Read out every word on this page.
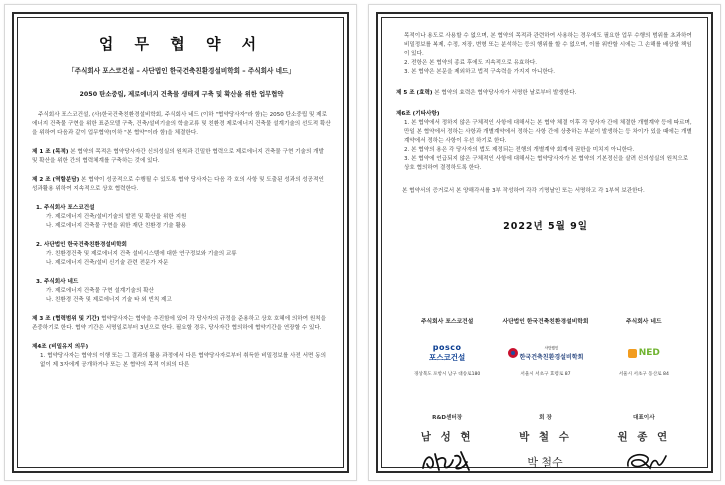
업 무 협 약 서
「주식회사 포스코건설 – 사단법인 한국건축친환경설비학회 – 주식회사 네드」
2050 탄소중립, 제로에너지 건축물 생태계 구축 및 확산을 위한 업무협약
주식회사 포스코건설, (사)한국건축친환경설비학회, 주식회사 네드 (이하 "협약당사자"라 함)는 2050 탄소중립 및 제로에너지 건축물 구현을 위한 표준모델 구축, 건축/설비기술의 학술교류 및 친환경 제로에너지 건축물 설계기술의 선도적 확산을 위하여 다음과 같이 업무협약(이하 "본 협약"이라 함)을 체결한다.
제 1 조 (목적) 본 협약의 목적은 협약당사자간 신의성실의 원칙과 긴밀한 협력으로 제로에너지 건축물 구현 기술의 개발 및 확산을 위한 간의 협력체계를 구축하는 것에 있다.
제 2 조 (역할분담) 본 협약이 성공적으로 수행될 수 있도록 협약 당사자는 다음 각 호의 사항 및 도출된 성과의 성공적인 성과활용 위하여 지속적으로 상호 협력한다.
1. 주식회사 포스코건설
가. 제로에너지 건축/설비기술의 발전 및 확산을 위한 지원
나. 제로에너지 건축물 구현을 위한 재단 친환경 기술 활용
2. 사단법인 한국건축친환경설비학회
가. 친환경건축 및 제로에너지 건축 설비시스템에 대한 연구정보와 기술의 교류
나. 제로에너지 건축/설비 신기술 관련 전문가 자문
3. 주식회사 네드
가. 제로에너지 건축물 구현 설계기술의 확산
나. 친환경 건축 및 제로에너지 기술 타 외 빈칙 제고
제 3 조 (협력범위 및 기간) 협약당사자는 협약을 추진함에 있어 각 당사자의 규정을 준용하고 상호 호혜에 의하여 원칙을 존중하기로 한다. 협약 기간은 서명일로부터 3년으로 한다. 필요할 경우, 당사자간 협의하에 협약기간을 연장할 수 있다.
제4조 (비밀유지 의무)
1. 협약당사자는 협약의 이행 또는 그 결과의 활용 과정에서 다른 협약당사자로부터 취득한 비밀정보를 사전 서면 동의 없이 제 3자에게 공개하거나 또는 본 협약의 목적 이외의 다른
목적이나 용도로 사용할 수 없으며, 본 협약의 목적과 관련하여 사용하는 경우에도 필요한 업무 수행의 범위를 초과하여 비밀정보를 복제, 수정, 저장, 변형 또는 분석하는 등의 행위를 할 수 없으며, 이를 위반할 시에는 그 손해를 배상할 책임이 있다.
2. 전항은 본 협약의 종료 후에도 지속적으로 유효하다.
3. 본 협약은 본문을 제외하고 법적 구속력을 가지지 아니한다.
제 5 조 (효력) 본 협약의 효력은 협약당사자가 서명한 날로부터 발생한다.
제6조 (기타사항)
1. 본 협약에서 정하지 않은 구체적인 사항에 대해서는 본 협약 체결 이후 각 당사자 간에 체결한 개별계약 등에 따르며, 만일 본 협약에서 정하는 사항과 개별계약에서 정하는 사항 간에 상충하는 부분이 발생하는 등 차이가 있을 때에는 개별계약에서 정하는 사항이 우선 하기로 한다.
2. 본 협약의 용은 각 당사자의 법도 제정되는 전행의 개별계약 회계에 권한을 미치지 아니한다.
3. 본 협약에 언급되지 않은 구체적인 사항에 대해서는 협약당사자가 본 협약의 기본정신을 살려 신의성실의 원칙으로 상호 협의하여 결정하도록 한다.
본 협약서의 증거로서 본 양해각서를 3부 작성하여 각각 기명날인 또는 서명하고 각 1부씩 보관한다.
2022년 5월 9일
주식회사 포스코건설
posco
포스코건설
경상북도 포항시 남구 대송로180
사단법인 한국건축친환경설비학회
사단법인
한국건축친환경설비학회
서울시 서초구 효령로 87
주식회사 네드
NED
서울시 서초구 동산로 84
R&D센터장
남 성 현
회 장
박 철 수
박 철수
대표이사
원 종 연
